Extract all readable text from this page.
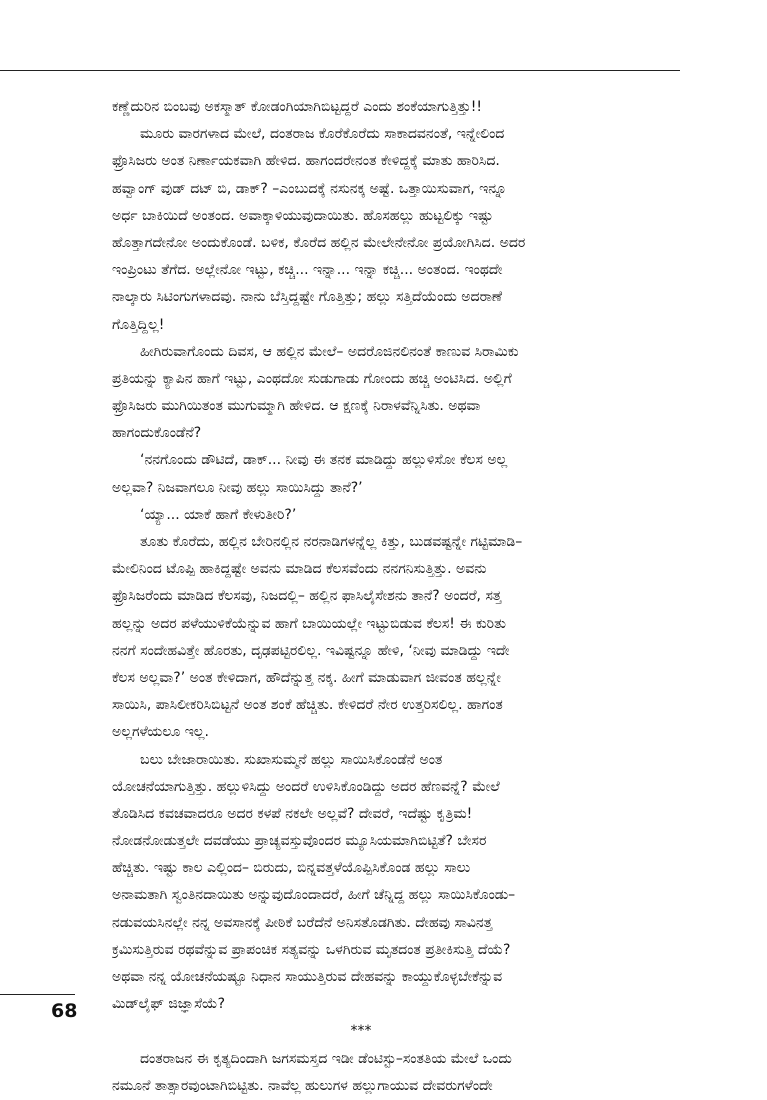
ಕಣ್ಣೆದುರಿನ ಬಿಂಬವು ಅಕಸ್ಮಾತ್ ಕೋಡಂಗಿಯಾಗಿಬಿಟ್ಟದ್ದರೆ ಎಂದು ಶಂಕೆಯಾಗುತ್ತಿತ್ತು!!
ಮೂರು ವಾರಗಳಾದ ಮೇಲೆ, ದಂತರಾಜ ಕೊರೆಕೊರೆದು ಸಾಕಾದವನಂತೆ, ಇನ್ನೇಲಿಂದ
ಫ್ರೊಸಿಜರು ಅಂತ ನಿರ್ಣಾಯಕವಾಗಿ ಹೇಳಿದ. ಹಾಗಂದರೇನಂತ ಕೇಳಿದ್ದಕ್ಕೆ ಮಾತು ಹಾರಿಸಿದ.
ಹವ್ವಾಂಗ್ ವುಡ್ ದಟ್ ಬಿ, ಡಾಕ್? –ಎಂಬುದಕ್ಕೆ ನಸುನಕ್ಕ ಅಷ್ಟೆ. ಒತ್ತಾಯಿಸುವಾಗ, ಇನ್ನೂ
ಅರ್ಧ ಬಾಕಿಯಿದೆ ಅಂತಂದ. ಅವಾಕ್ಕಾಳಿಯುವುದಾಯಿತು. ಹೊಸಹಲ್ಲು ಹುಟ್ಟಲಿಕ್ಕು ಇಷ್ಟು
ಹೊತ್ತಾಗದೇನೋ ಅಂದುಕೊಂಡೆ. ಬಳಿಕ, ಕೊರೆದ ಹಲ್ಲಿನ ಮೇಲೇನೇನೋ ಪ್ರಯೋಗಿಸಿದ. ಅದರ
ಇಂಪ್ರಿಂಟು ತೆಗೆದ. ಅಲ್ಲೇನೋ ಇಟ್ಟು, ಕಚ್ಚಿ... ಇನ್ನಾ... ಇನ್ನಾ ಕಚ್ಚಿ... ಅಂತಂದ. ಇಂಥದೇ
ನಾಲ್ಕಾರು ಸಿಟಿಂಗುಗಳಾದವು. ನಾನು ಬೆಸ್ತಿದ್ದಷ್ಟೇ ಗೊತ್ತಿತ್ತು; ಹಲ್ಲು ಸತ್ತಿದೆಯೆಂದು ಅದರಾಣೆ
ಗೊತ್ತಿದ್ದಿಲ್ಲ!
ಹೀಗಿರುವಾಗೊಂದು ದಿವಸ, ಆ ಹಲ್ಲಿನ ಮೇಲೆ– ಅದರೊಜಿನಲಿನಂತೆ ಕಾಣುವ ಸಿರಾಮಿಕು
ಪ್ರತಿಯನ್ನು ಕ್ಯಾಪಿನ ಹಾಗೆ ಇಟ್ಟು, ಎಂಥದೋ ಸುಡುಗಾಡು ಗೋಂದು ಹಚ್ಚಿ ಅಂಟಿಸಿದ. ಅಲ್ಲಿಗೆ
ಫ್ರೊಸಿಜರು ಮುಗಿಯಿತಂತ ಮುಗುಮ್ಮಾಗಿ ಹೇಳಿದ. ಆ ಕ್ಷಣಕ್ಕೆ ನಿರಾಳವೆನ್ನಿಸಿತು. ಅಥವಾ
ಹಾಗಂದುಕೊಂಡೆನೆ?
‘ನನಗೊಂದು ಡೌಟಿದೆ, ಡಾಕ್... ನೀವು ಈ ತನಕ ಮಾಡಿದ್ದು ಹಲ್ಲುಳಿಸೋ ಕೆಲಸ ಅಲ್ಲ
ಅಲ್ಲವಾ? ನಿಜವಾಗಲೂ ನೀವು ಹಲ್ಲು ಸಾಯಿಸಿದ್ದು ತಾನೆ?’
‘ಯ್ಯಾ... ಯಾಕೆ ಹಾಗೆ ಕೇಳುತೀರಿ?’
ತೂತು ಕೊರೆದು, ಹಲ್ಲಿನ ಬೇರಿನಲ್ಲಿನ ನರನಾಡಿಗಳನ್ನೆಲ್ಲ ಕಿತ್ತು, ಬುಡವಷ್ಟನ್ನೇ ಗಟ್ಟಿಮಾಡಿ–
ಮೇಲಿನಿಂದ ಟೊಪ್ಪಿ ಹಾಕಿದ್ದಷ್ಟೇ ಅವನು ಮಾಡಿದ ಕೆಲಸವೆಂದು ನನಗನಿಸುತ್ತಿತ್ತು. ಅವನು
ಫ್ರೊಸಿಜರೆಂದು ಮಾಡಿದ ಕೆಲಸವು, ನಿಜದಲ್ಲಿ– ಹಲ್ಲಿನ ಫಾಸಿಲೈಸೇಶನು ತಾನೆ? ಅಂದರೆ, ಸತ್ತ
ಹಲ್ಲನ್ನು ಅದರ ಪಳೆಯುಳಿಕೆಯೆನ್ನುವ ಹಾಗೆ ಬಾಯಿಯಲ್ಲೇ ಇಟ್ಟುಬಿಡುವ ಕೆಲಸ! ಈ ಕುರಿತು
ನನಗೆ ಸಂದೇಹವಿತ್ತೇ ಹೊರತು, ದೃಢಪಟ್ಟಿರಲಿಲ್ಲ. ಇವಿಷ್ಟನ್ನೂ ಹೇಳಿ, ‘ನೀವು ಮಾಡಿದ್ದು ಇದೇ
ಕೆಲಸ ಅಲ್ಲವಾ?’ ಅಂತ ಕೇಳಿದಾಗ, ಹೌದೆನ್ನುತ್ತ ನಕ್ಕ. ಹೀಗೆ ಮಾಡುವಾಗ ಜೀವಂತ ಹಲ್ಲನ್ನೇ
ಸಾಯಿಸಿ, ಪಾಸಿಲೀಕರಿಸಿಬಿಟ್ಟನೆ ಅಂತ ಶಂಕೆ ಹೆಚ್ಚಿತು. ಕೇಳಿದರೆ ನೇರ ಉತ್ತರಿಸಲಿಲ್ಲ. ಹಾಗಂತ
ಅಲ್ಲಗಳೆಯಲೂ ಇಲ್ಲ.
ಬಲು ಬೇಜಾರಾಯಿತು. ಸುಖಾಸುಮ್ಮನೆ ಹಲ್ಲು ಸಾಯಿಸಿಕೊಂಡೆನೆ ಅಂತ
ಯೋಚನೆಯಾಗುತ್ತಿತ್ತು. ಹಲ್ಲುಳಿಸಿದ್ದು ಅಂದರೆ ಉಳಿಸಿಕೊಂಡಿದ್ದು ಅದರ ಹೆಣವನ್ನೆ? ಮೇಲೆ
ತೊಡಿಸಿದ ಕವಚವಾದರೂ ಅದರ ಕಳಪೆ ನಕಲೇ ಅಲ್ಲವೆ? ದೇವರೆ, ಇದೆಷ್ಟು ಕೃತ್ರಿಮ!
ನೋಡನೋಡುತ್ತಲೇ ದವಡೆಯು ಪ್ರಾಚ್ಯವಸ್ತುವೊಂದರ ಮ್ಯೂಸಿಯಮಾಗಿಬಿಟ್ಟಿತೆ? ಬೇಸರ
ಹೆಚ್ಚಿತು. ಇಷ್ಟು ಕಾಲ ಎಲ್ಲಿಂದ– ಬಿರುದು, ಬಿನ್ನವತ್ತಳೆಯೊಪ್ಪಿಸಿಕೊಂಡ ಹಲ್ಲು ಸಾಲು
ಅನಾಮತಾಗಿ ಸ್ವಂತಿನದಾಯಿತು ಅನ್ನುವುದೊಂದಾದರೆ, ಹೀಗೆ ಚೆನ್ನಿದ್ದ ಹಲ್ಲು ಸಾಯಿಸಿಕೊಂಡು–
ನಡುವಯಸಿನಲ್ಲೇ ನನ್ನ ಅವಸಾನಕ್ಕೆ ಪೀಠಿಕೆ ಬರೆದೆನೆ ಅನಿಸತೊಡಗಿತು. ದೇಹವು ಸಾವಿನತ್ತ
ಕ್ರಮಿಸುತ್ತಿರುವ ರಥವೆನ್ನುವ ಪ್ರಾಪಂಚಿಕ ಸತ್ಯವನ್ನು ಒಳಗಿರುವ ಮೃತದಂತ ಪ್ರತೀಕಿಸುತ್ತಿ ದೆಯೆ?
ಅಥವಾ ನನ್ನ ಯೋಚನೆಯಷ್ಟೂ ನಿಧಾನ ಸಾಯುತ್ತಿರುವ ದೇಹವನ್ನು ಕಾಯ್ದುಕೊಳ್ಳಬೇಕೆನ್ನುವ
ಮಿಡ್‍ಲೈಫ್ ಜಿಜ್ಞಾಸೆಯೆ?
***
ದಂತರಾಜನ ಈ ಕೃತ್ಯದಿಂದಾಗಿ ಜಗಸಮಸ್ತದ ಇಡೀ ಡೆಂಟಿಸ್ಟು–ಸಂತತಿಯ ಮೇಲೆ ಒಂದು
ನಮೂನೆ ತಾತ್ಸಾರವುಂಟಾಗಿಬಿಟ್ಟಿತು. ನಾವೆಲ್ಲ ಹುಲುಗಳ ಹಲ್ಲುಗಾಯುವ ದೇವರುಗಳೆಂದೇ
68
